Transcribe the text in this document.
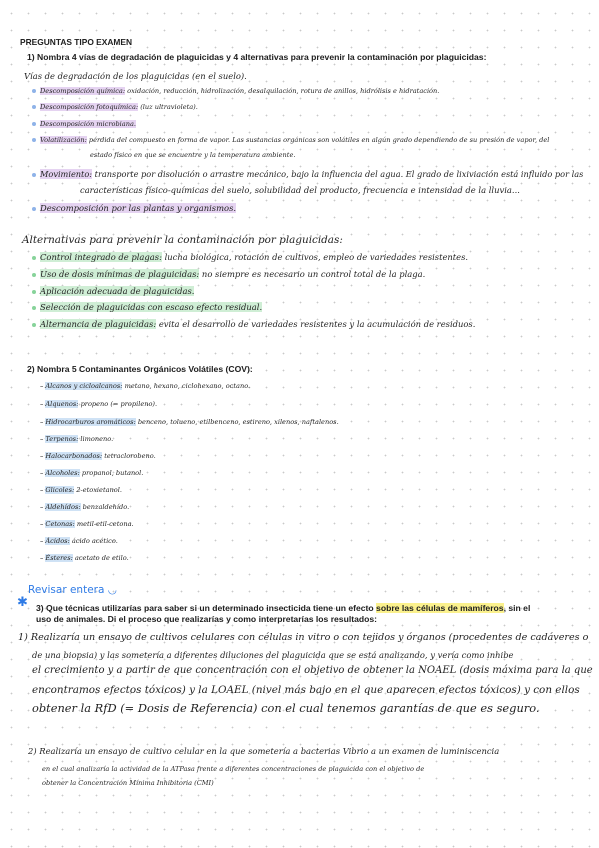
PREGUNTAS TIPO EXAMEN
1) Nombra 4 vías de degradación de plaguicidas y 4 alternativas para prevenir la contaminación por plaguicidas:
Vías de degradación de los plaguicidas (en el suelo).
Descomposición química: oxidación, reducción, hidrolización, desalquilación, rotura de anillos, hidrólisis e hidratación.
Descomposición fotoquímica: (luz ultravioleta).
Descomposición microbiana.
Volatilización: pérdida del compuesto en forma de vapor. Las sustancias orgánicas son volátiles en algún grado dependiendo de su presión de vapor, del
estado físico en que se encuentre y la temperatura ambiente.
Movimiento: transporte por disolución o arrastre mecánico, bajo la influencia del agua. El grado de lixiviación está influido por las
características físico-químicas del suelo, solubilidad del producto, frecuencia e intensidad de la lluvia...
Descomposición por las plantas y organismos.
Alternativas para prevenir la contaminación por plaguicidas:
Control integrado de plagas: lucha biológica, rotación de cultivos, empleo de variedades resistentes.
Uso de dosis mínimas de plaguicidas: no siempre es necesario un control total de la plaga.
Aplicación adecuada de plaguicidas.
Selección de plaguicidas con escaso efecto residual.
Alternancia de plaguicidas: evita el desarrollo de variedades resistentes y la acumulación de residuos.
2) Nombra 5 Contaminantes Orgánicos Volátiles (COV):
– Alcanos y cicloalcanos: metano, hexano, ciclohexano, octano.
– Alquenos: propeno (= propileno).
– Hidrocarburos aromáticos: benceno, tolueno, etilbenceno, estireno, xilenos, naftalenos.
– Terpenos: limoneno.
– Halocarbonados: tetraclorobeno.
– Alcoholes: propanol, butanol.
– Glicoles: 2-etoxietanol.
– Aldehídos: benzaldehído.
– Cetonas: metil-etil-cetona.
– Ácidos: ácido acético.
– Ésteres: acetato de etilo.
Revisar entera ◡
✱ 3) Que técnicas utilizarías para saber si un determinado insecticida tiene un efecto sobre las células de mamíferos, sin el
uso de animales. Di el proceso que realizarías y como interpretarías los resultados:
1) Realizaría un ensayo de cultivos celulares con células in vitro o con tejidos y órganos (procedentes de cadáveres o
de una biopsia) y las sometería a diferentes diluciones del plaguicida que se está analizando, y vería como inhibe
el crecimiento y a partir de que concentración con el objetivo de obtener la NOAEL (dosis máxima para la que
encontramos efectos tóxicos) y la LOAEL (nivel más bajo en el que aparecen efectos tóxicos) y con ellos
obtener la RfD (= Dosis de Referencia) con el cual tenemos garantías de que es seguro.
2) Realizaría un ensayo de cultivo celular en la que sometería a bacterias Vibrio a un examen de luminiscencia
en el cual analizaría la actividad de la ATPasa frente a diferentes concentraciones de plaguicida con el objetivo de
obtener la Concentración Mínima Inhibitoria (CMI)
